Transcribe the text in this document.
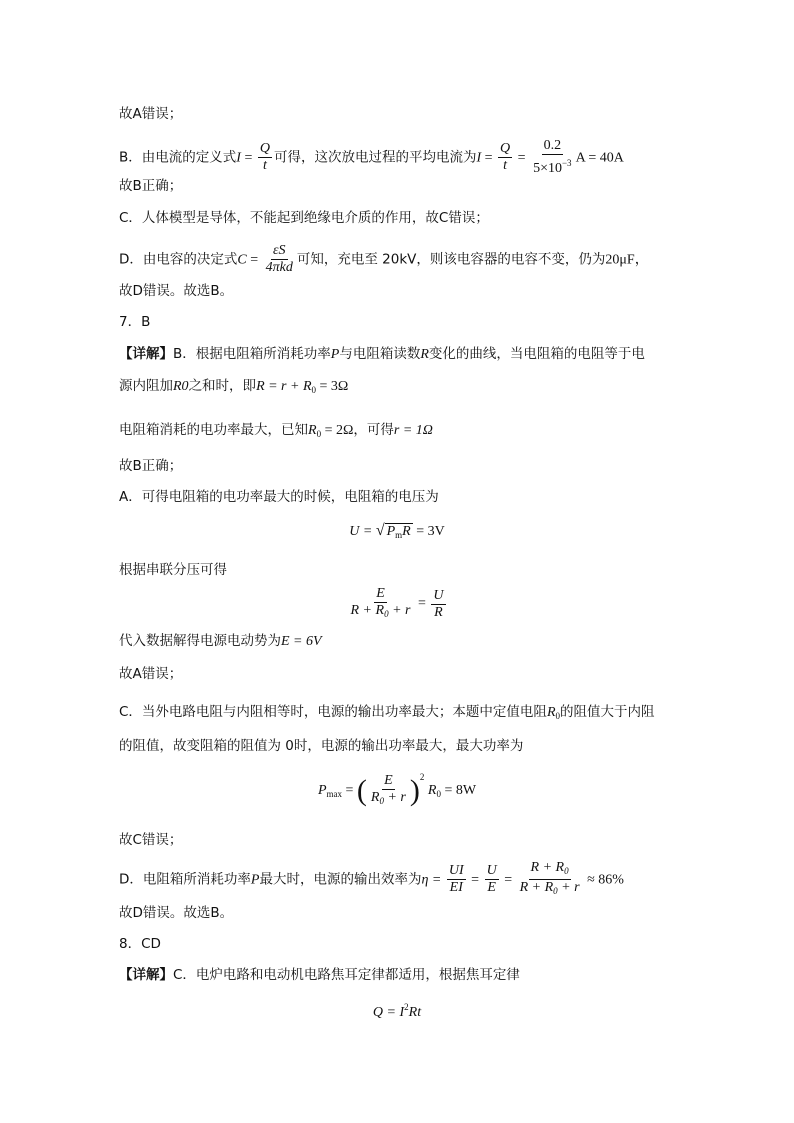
故A错误；
B．由电流的定义式$I = \frac{Q}{t}$ 可得，这次放电过程的平均电流为$I = \frac{Q}{t} = \frac{0.2}{5\times 10^{-3}}$ A = 40A
故B正确；
C．人体模型是导体，不能起到绝缘电介质的作用，故C错误；
D．由电容的决定式$C = \frac{\varepsilon S}{\text{4πkd}}$ 可知，充电至 20kV，则该电容器的电容不变，仍为20μF，
故D错误。故选B。
7．B
【详解】B．根据电阻箱所消耗功率P与电阻箱读数R变化的曲线，当电阻箱的电阻等于电
源内阻加R0之和时，即$R = r + R_0 = 3\Omega$
电阻箱消耗的电功率最大，已知$R_0 = 2\Omega$，可得r = 1Ω
故B正确；
A．可得电阻箱的电功率最大的时候，电阻箱的电压为
U = √ $P_mR = 3V$
根据串联分压可得
$\frac{E}{R + R_0 + r} = \frac{U}{R}$
代入数据解得电源电动势为E = 6V
故A错误；
C．当外电路电阻与内阻相等时，电源的输出功率最大；本题中定值电阻$R_0$的阻值大于内阻
的阻值，故变阻箱的阻值为 0时，电源的输出功率最大，最大功率为
$P_{max}$ = ( $\frac{E}{R_0 + r} )^2$ $R_0 = 8W$
故C错误；
D．电阻箱所消耗功率P最大时，电源的输出效率为$\eta = \frac{UI}{EI} = \frac{U}{E} = \frac{R + R_0}{R + R_0 + r} \approx 86\%$
故D错误。故选B。
8．CD
【详解】C．电炉电路和电动机电路焦耳定律都适用，根据焦耳定律
$Q = I^2Rt$
